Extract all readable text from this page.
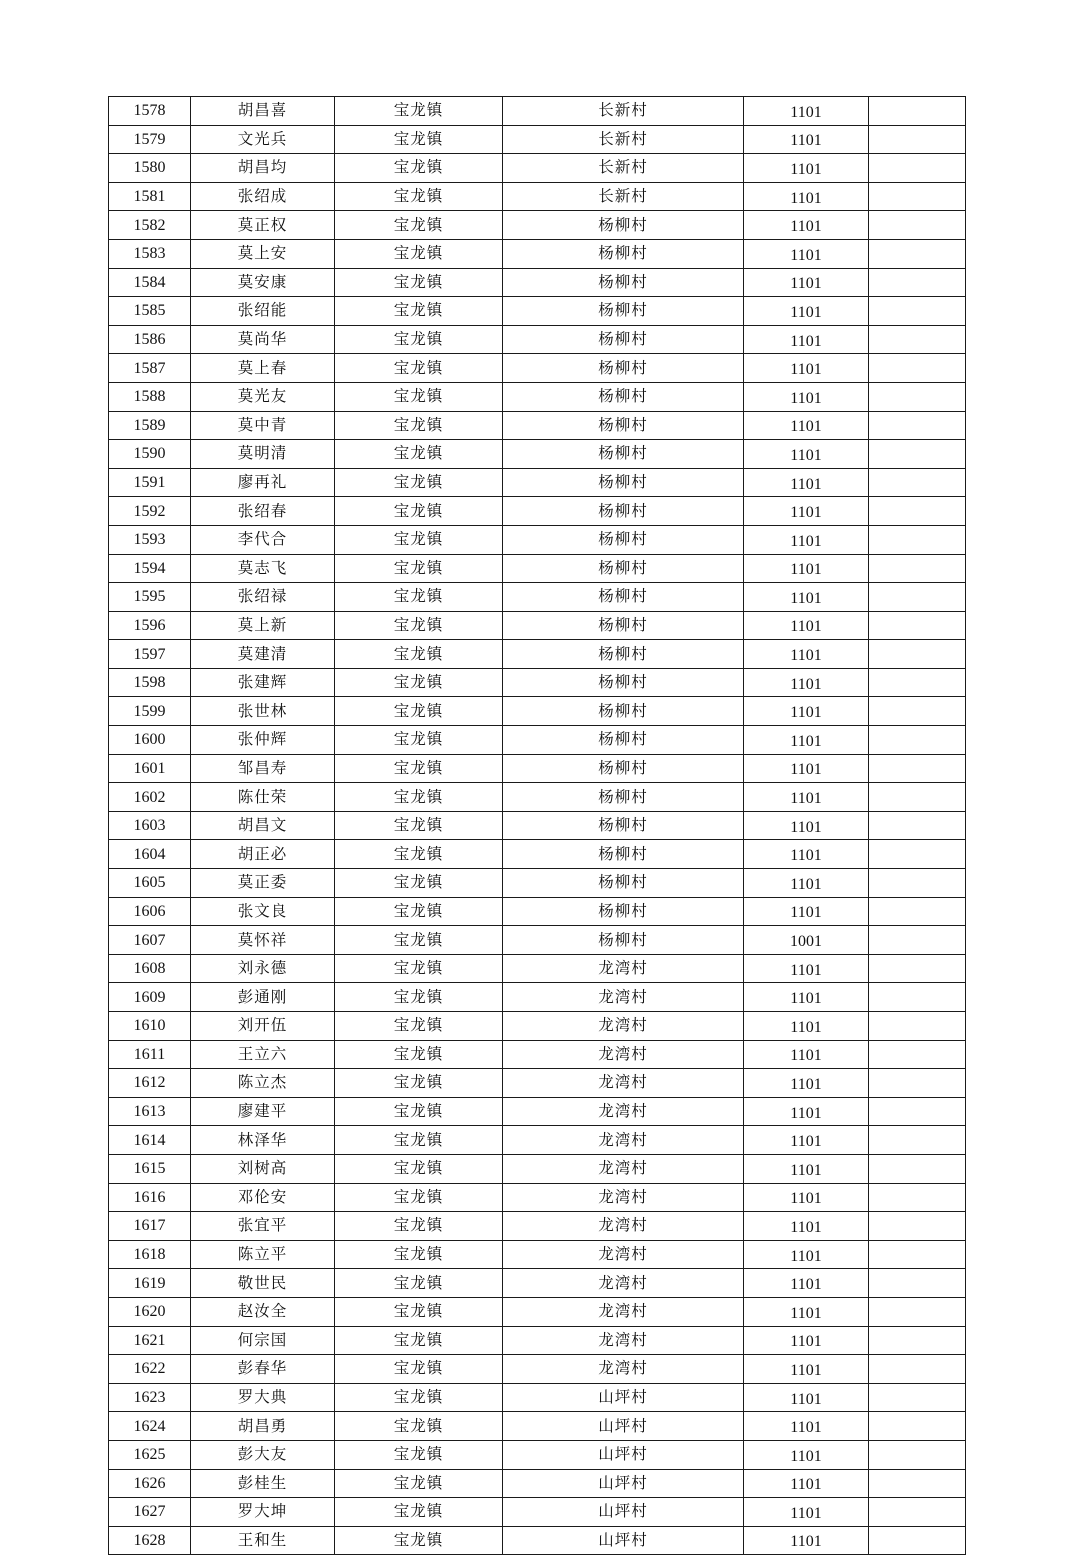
1578	胡昌喜	宝龙镇	长新村	1101	
1579	文光兵	宝龙镇	长新村	1101	
1580	胡昌均	宝龙镇	长新村	1101	
1581	张绍成	宝龙镇	长新村	1101	
1582	莫正权	宝龙镇	杨柳村	1101	
1583	莫上安	宝龙镇	杨柳村	1101	
1584	莫安康	宝龙镇	杨柳村	1101	
1585	张绍能	宝龙镇	杨柳村	1101	
1586	莫尚华	宝龙镇	杨柳村	1101	
1587	莫上春	宝龙镇	杨柳村	1101	
1588	莫光友	宝龙镇	杨柳村	1101	
1589	莫中青	宝龙镇	杨柳村	1101	
1590	莫明清	宝龙镇	杨柳村	1101	
1591	廖再礼	宝龙镇	杨柳村	1101	
1592	张绍春	宝龙镇	杨柳村	1101	
1593	李代合	宝龙镇	杨柳村	1101	
1594	莫志飞	宝龙镇	杨柳村	1101	
1595	张绍禄	宝龙镇	杨柳村	1101	
1596	莫上新	宝龙镇	杨柳村	1101	
1597	莫建清	宝龙镇	杨柳村	1101	
1598	张建辉	宝龙镇	杨柳村	1101	
1599	张世林	宝龙镇	杨柳村	1101	
1600	张仲辉	宝龙镇	杨柳村	1101	
1601	邹昌寿	宝龙镇	杨柳村	1101	
1602	陈仕荣	宝龙镇	杨柳村	1101	
1603	胡昌文	宝龙镇	杨柳村	1101	
1604	胡正必	宝龙镇	杨柳村	1101	
1605	莫正委	宝龙镇	杨柳村	1101	
1606	张文良	宝龙镇	杨柳村	1101	
1607	莫怀祥	宝龙镇	杨柳村	1001	
1608	刘永德	宝龙镇	龙湾村	1101	
1609	彭通刚	宝龙镇	龙湾村	1101	
1610	刘开伍	宝龙镇	龙湾村	1101	
1611	王立六	宝龙镇	龙湾村	1101	
1612	陈立杰	宝龙镇	龙湾村	1101	
1613	廖建平	宝龙镇	龙湾村	1101	
1614	林泽华	宝龙镇	龙湾村	1101	
1615	刘树高	宝龙镇	龙湾村	1101	
1616	邓伦安	宝龙镇	龙湾村	1101	
1617	张宜平	宝龙镇	龙湾村	1101	
1618	陈立平	宝龙镇	龙湾村	1101	
1619	敬世民	宝龙镇	龙湾村	1101	
1620	赵汝全	宝龙镇	龙湾村	1101	
1621	何宗国	宝龙镇	龙湾村	1101	
1622	彭春华	宝龙镇	龙湾村	1101	
1623	罗大典	宝龙镇	山坪村	1101	
1624	胡昌勇	宝龙镇	山坪村	1101	
1625	彭大友	宝龙镇	山坪村	1101	
1626	彭桂生	宝龙镇	山坪村	1101	
1627	罗大坤	宝龙镇	山坪村	1101	
1628	王和生	宝龙镇	山坪村	1101	
